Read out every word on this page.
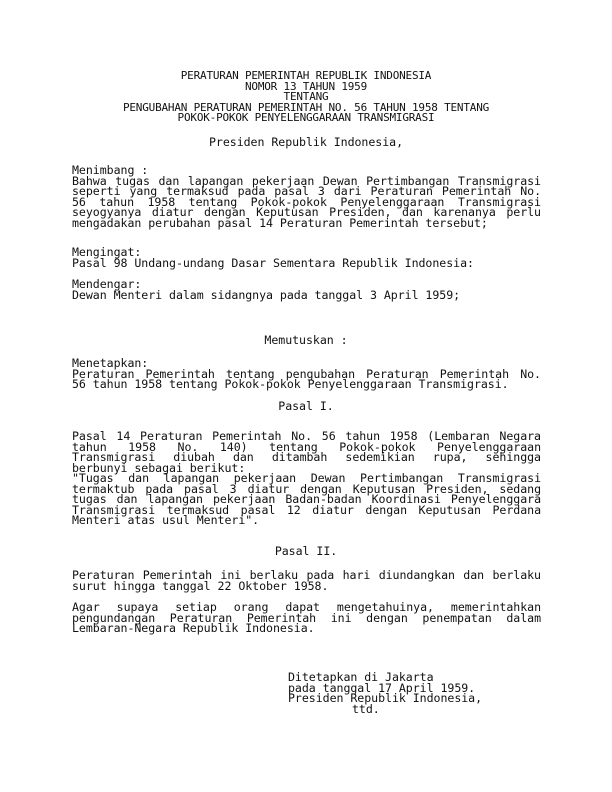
PERATURAN PEMERINTAH REPUBLIK INDONESIA
NOMOR 13 TAHUN 1959
TENTANG
PENGUBAHAN PERATURAN PEMERINTAH NO. 56 TAHUN 1958 TENTANG
POKOK-POKOK PENYELENGGARAAN TRANSMIGRASI
Presiden Republik Indonesia,
Menimbang :
Bahwa tugas dan lapangan pekerjaan Dewan Pertimbangan Transmigrasi
seperti yang termaksud pada pasal 3 dari Peraturan Pemerintah No.
56 tahun 1958 tentang Pokok-pokok Penyelenggaraan Transmigrasi
seyogyanya diatur dengan Keputusan Presiden, dan karenanya perlu
mengadakan perubahan pasal 14 Peraturan Pemerintah tersebut;
Mengingat:
Pasal 98 Undang-undang Dasar Sementara Republik Indonesia:
Mendengar:
Dewan Menteri dalam sidangnya pada tanggal 3 April 1959;
Memutuskan :
Menetapkan:
Peraturan Pemerintah tentang pengubahan Peraturan Pemerintah No.
56 tahun 1958 tentang Pokok-pokok Penyelenggaraan Transmigrasi.
Pasal I.
Pasal 14 Peraturan Pemerintah No. 56 tahun 1958 (Lembaran Negara
tahun 1958 No. 140) tentang Pokok-pokok Penyelenggaraan
Transmigrasi diubah dan ditambah sedemikian rupa, sehingga
berbunyi sebagai berikut:
"Tugas dan lapangan pekerjaan Dewan Pertimbangan Transmigrasi
termaktub pada pasal 3 diatur dengan Keputusan Presiden, sedang
tugas dan lapangan pekerjaan Badan-badan Koordinasi Penyelenggara
Transmigrasi termaksud pasal 12 diatur dengan Keputusan Perdana
Menteri atas usul Menteri".
Pasal II.
Peraturan Pemerintah ini berlaku pada hari diundangkan dan berlaku
surut hingga tanggal 22 Oktober 1958.
Agar supaya setiap orang dapat mengetahuinya, memerintahkan
pengundangan Peraturan Pemerintah ini dengan penempatan dalam
Lembaran-Negara Republik Indonesia.
Ditetapkan di Jakarta
pada tanggal 17 April 1959.
Presiden Republik Indonesia,
ttd.
